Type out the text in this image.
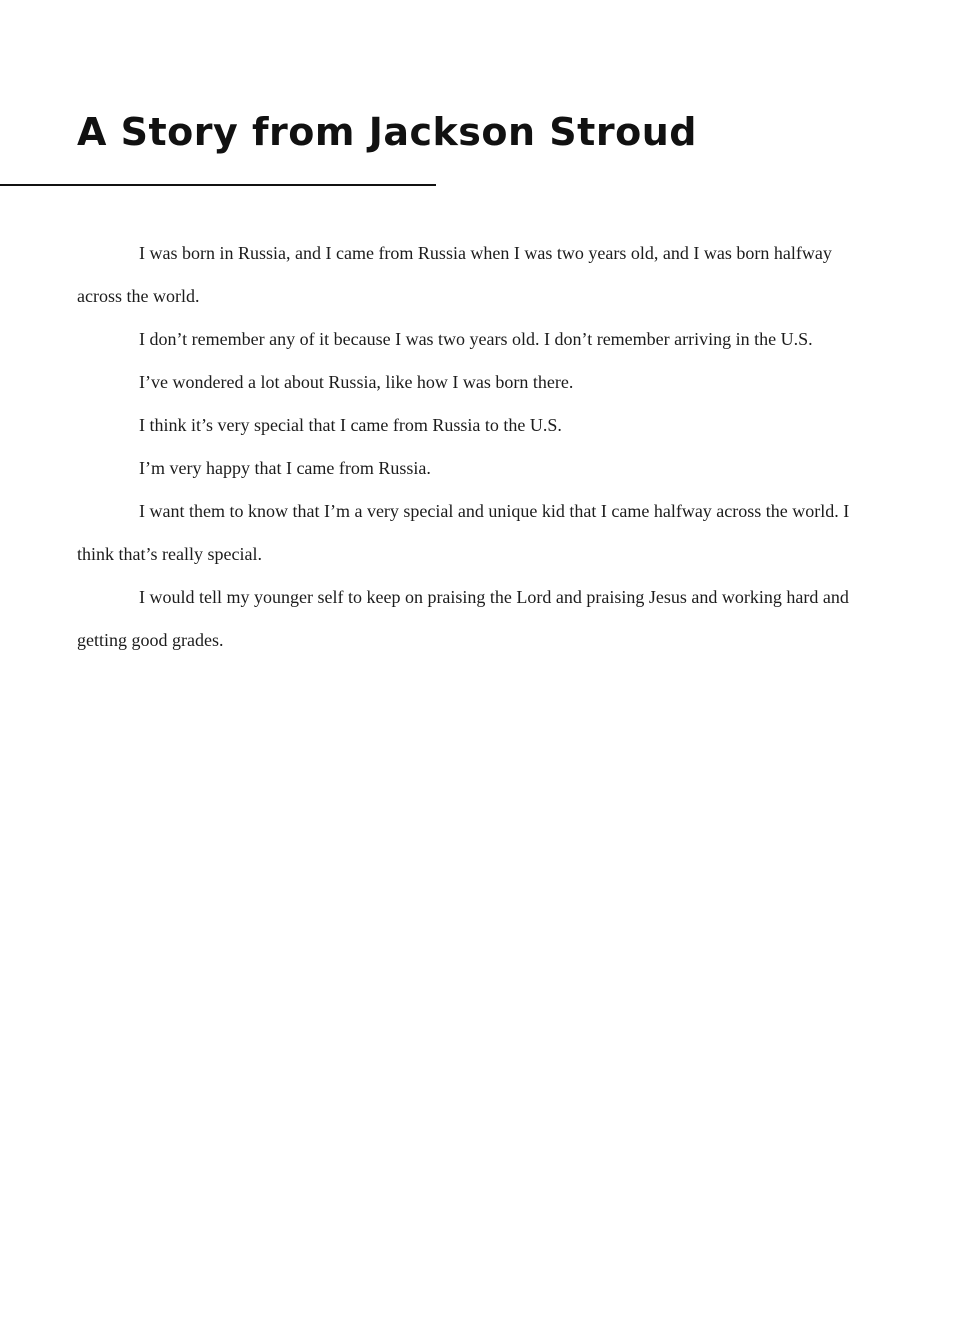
A Story from Jackson Stroud

I was born in Russia, and I came from Russia when I was two years old, and I was born halfway across the world.

I don’t remember any of it because I was two years old. I don’t remember arriving in the U.S.

I’ve wondered a lot about Russia, like how I was born there.

I think it’s very special that I came from Russia to the U.S.

I’m very happy that I came from Russia.

I want them to know that I’m a very special and unique kid that I came halfway across the world. I think that’s really special.

I would tell my younger self to keep on praising the Lord and praising Jesus and working hard and getting good grades.
